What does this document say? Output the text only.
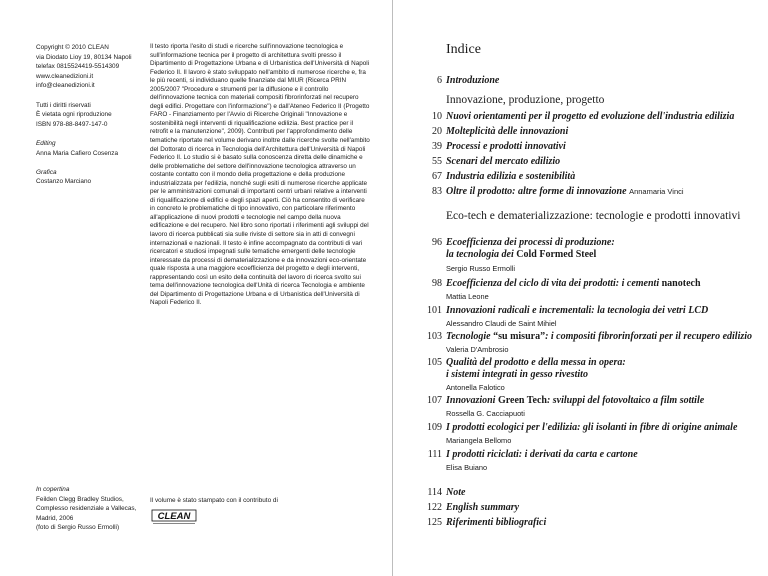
Copyright © 2010 CLEAN
via Diodato Lioy 19, 80134 Napoli
telefax 0815524419-5514309
www.cleanedizioni.it
info@cleanedizioni.it
Tutti i diritti riservati
È vietata ogni riproduzione
ISBN 978-88-8497-147-0
Editing
Anna Maria Cafiero Cosenza
Grafica
Costanzo Marciano
Il testo riporta l'esito di studi e ricerche sull'innovazione tecnologica e sull'informazione tecnica per il progetto di architettura svolti presso il Dipartimento di Progettazione Urbana e di Urbanistica dell'Università di Napoli Federico II. Il lavoro è stato sviluppato nell'ambito di numerose ricerche e, fra le più recenti, si individuano quelle finanziate dal MIUR (Ricerca PRIN 2005/2007 "Procedure e strumenti per la diffusione e il controllo dell'innovazione tecnica con materiali compositi fibrorinforzati nel recupero degli edifici. Progettare con l'informazione") e dall'Ateneo Federico II (Progetto FARO - Finanziamento per l'Avvio di Ricerche Originali "Innovazione e sostenibilità negli interventi di riqualificazione edilizia. Best practice per il retrofit e la manutenzione", 2009). Contributi per l'approfondimento delle tematiche riportate nel volume derivano inoltre dalle ricerche svolte nell'ambito del Dottorato di ricerca in Tecnologia dell'Architettura dell'Università di Napoli Federico II. Lo studio si è basato sulla conoscenza diretta delle dinamiche e delle problematiche del settore dell'innovazione tecnologica attraverso un costante contatto con il mondo della progettazione e della produzione industrializzata per l'edilizia, nonché sugli esiti di numerose ricerche applicate per le amministrazioni comunali di importanti centri urbani relative a interventi di riqualificazione di edifici e degli spazi aperti. Ciò ha consentito di verificare in concreto le problematiche di tipo innovativo, con particolare riferimento all'applicazione di nuovi prodotti e tecnologie nel campo della nuova edificazione e del recupero. Nel libro sono riportati i riferimenti agli sviluppi del lavoro di ricerca pubblicati sia sulle riviste di settore sia in atti di convegni internazionali e nazionali. Il testo è infine accompagnato da contributi di vari ricercatori e studiosi impegnati sulle tematiche emergenti delle tecnologie interessate da processi di dematerializzazione e da innovazioni eco-orientate quale risposta a una maggiore ecoefficienza del progetto e degli interventi, rappresentando così un esito della continuità del lavoro di ricerca svolto sui tema dell'innovazione tecnologica dell'Unità di ricerca Tecnologia e ambiente del Dipartimento di Progettazione Urbana e di Urbanistica dell'Università di Napoli Federico II.
In copertina
Feilden Clegg Bradley Studios,
Complesso residenziale a Vallecas,
Madrid, 2006
(foto di Sergio Russo Ermolli)
Il volume è stato stampato con il contributo di
CLEAN
Indice
6 Introduzione
Innovazione, produzione, progetto
10 Nuovi orientamenti per il progetto ed evoluzione dell'industria edilizia
20 Molteplicità delle innovazioni
39 Processi e prodotti innovativi
55 Scenari del mercato edilizio
67 Industria edilizia e sostenibilità
83 Oltre il prodotto: altre forme di innovazione Annamaria Vinci
Eco-tech e dematerializzazione: tecnologie e prodotti innovativi
96 Ecoefficienza dei processi di produzione:
la tecnologia dei Cold Formed Steel
Sergio Russo Ermolli
98 Ecoefficienza del ciclo di vita dei prodotti: i cementi nanotech
Mattia Leone
101 Innovazioni radicali e incrementali: la tecnologia dei vetri LCD
Alessandro Claudi de Saint Mihiel
103 Tecnologie “su misura”: i compositi fibrorinforzati per il recupero edilizio
Valeria D'Ambrosio
105 Qualità del prodotto e della messa in opera:
i sistemi integrati in gesso rivestito
Antonella Falotico
107 Innovazioni Green Tech: sviluppi del fotovoltaico a film sottile
Rossella G. Cacciapuoti
109 I prodotti ecologici per l'edilizia: gli isolanti in fibre di origine animale
Mariangela Bellomo
111 I prodotti riciclati: i derivati da carta e cartone
Elisa Buiano
114 Note
122 English summary
125 Riferimenti bibliografici
